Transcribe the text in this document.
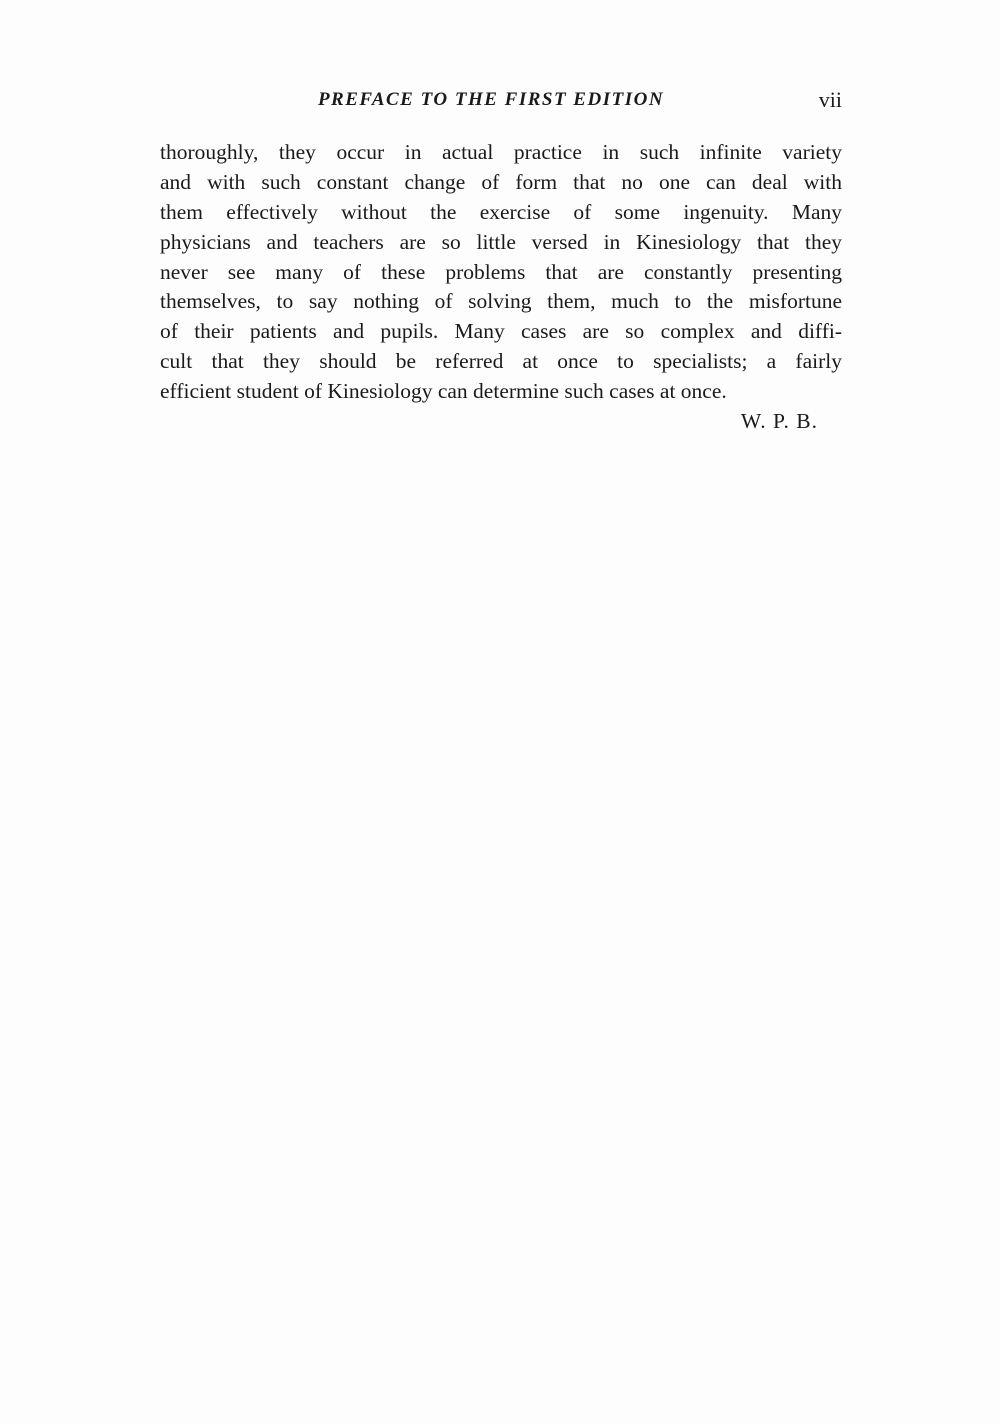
PREFACE TO THE FIRST EDITION	vii
thoroughly, they occur in actual practice in such infinite variety
and with such constant change of form that no one can deal with
them effectively without the exercise of some ingenuity. Many
physicians and teachers are so little versed in Kinesiology that they
never see many of these problems that are constantly presenting
themselves, to say nothing of solving them, much to the misfortune
of their patients and pupils. Many cases are so complex and diffi-
cult that they should be referred at once to specialists; a fairly
efficient student of Kinesiology can determine such cases at once.
W. P. B.
